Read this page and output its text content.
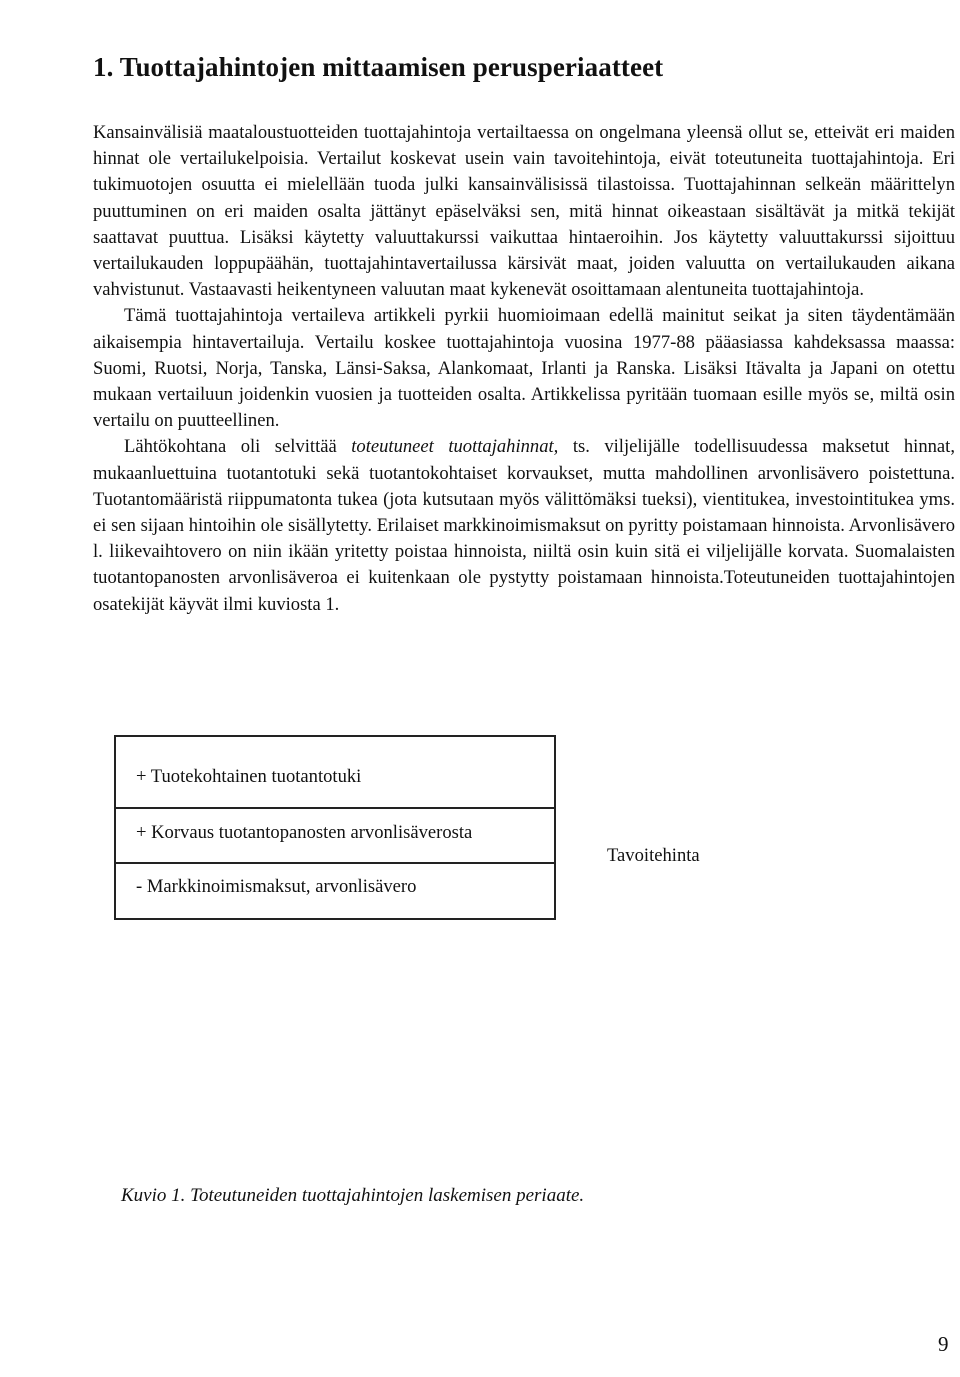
1. Tuottajahintojen mittaamisen perusperiaatteet

Kansainvälisiä maataloustuotteiden tuottajahintoja vertailtaessa on ongelmana yleensä ollut se, etteivät eri maiden hinnat ole vertailukelpoisia. Vertailut koskevat usein vain tavoitehintoja, eivät toteutuneita tuottajahintoja. Eri tukimuotojen osuutta ei mielellään tuoda julki kansainvälisissä tilastoissa. Tuottajahinnan selkeän määrittelyn puuttuminen on eri maiden osalta jättänyt epäselväksi sen, mitä hinnat oikeastaan sisältävät ja mitkä tekijät saattavat puuttua. Lisäksi käytetty valuuttakurssi vaikuttaa hintaeroihin. Jos käytetty valuuttakurssi sijoittuu vertailukauden loppupäähän, tuottajahintavertailussa kärsivät maat, joiden valuutta on vertailukauden aikana vahvistunut. Vastaavasti heikentyneen valuutan maat kykenevät osoittamaan alentuneita tuottajahintoja.

Tämä tuottajahintoja vertaileva artikkeli pyrkii huomioimaan edellä mainitut seikat ja siten täydentämään aikaisempia hintavertailuja. Vertailu koskee tuottajahintoja vuosina 1977-88 pääasiassa kahdeksassa maassa: Suomi, Ruotsi, Norja, Tanska, Länsi-Saksa, Alankomaat, Irlanti ja Ranska. Lisäksi Itävalta ja Japani on otettu mukaan vertailuun joidenkin vuosien ja tuotteiden osalta. Artikkelissa pyritään tuomaan esille myös se, miltä osin vertailu on puutteellinen.

Lähtökohtana oli selvittää toteutuneet tuottajahinnat, ts. viljelijälle todellisuudessa maksetut hinnat, mukaanluettuina tuotantotuki sekä tuotantokohtaiset korvaukset, mutta mahdollinen arvonlisävero poistettuna. Tuotantomääristä riippumatonta tukea (jota kutsutaan myös välittömäksi tueksi), vientitukea, investointitukea yms. ei sen sijaan hintoihin ole sisällytetty. Erilaiset markkinoimismaksut on pyritty poistamaan hinnoista. Arvonlisävero l. liikevaihtovero on niin ikään yritetty poistaa hinnoista, niiltä osin kuin sitä ei viljelijälle korvata. Suomalaisten tuotantopanosten arvonlisäveroa ei kuitenkaan ole pystytty poistamaan hinnoista.Toteutuneiden tuottajahintojen osatekijät käyvät ilmi kuviosta 1.

+ Tuotekohtainen tuotantotuki
+ Korvaus tuotantopanosten arvonlisäverosta
- Markkinoimismaksut, arvonlisävero
Tavoitehinta
Kuvio 1. Toteutuneiden tuottajahintojen laskemisen periaate.
9
